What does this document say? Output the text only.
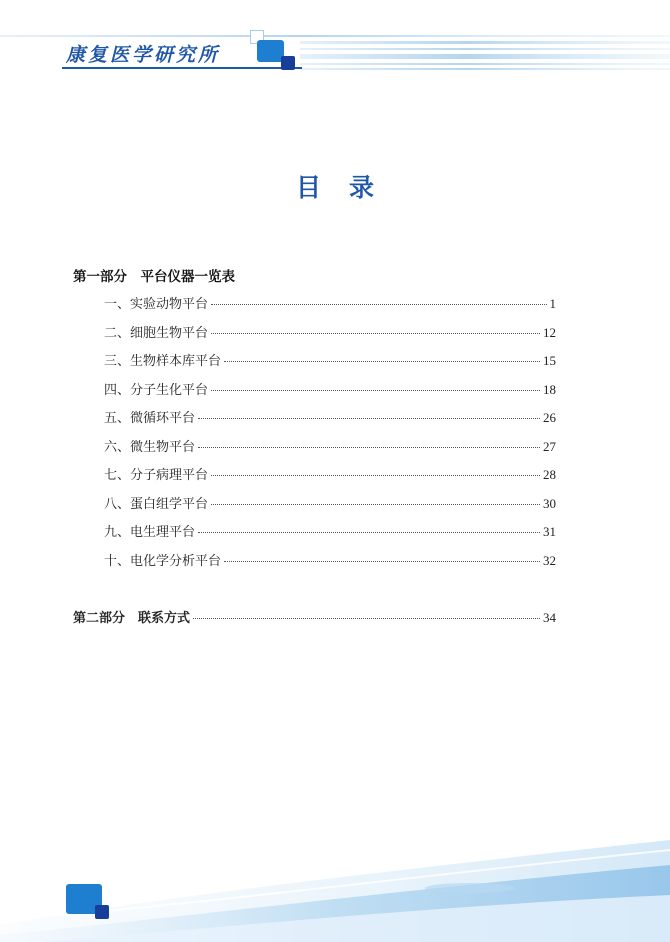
康复医学研究所
目录
第一部分　平台仪器一览表
一、实验动物平台	1
二、细胞生物平台	12
三、生物样本库平台	15
四、分子生化平台	18
五、微循环平台	26
六、微生物平台	27
七、分子病理平台	28
八、蛋白组学平台	30
九、电生理平台	31
十、电化学分析平台	32
第二部分　联系方式	34
